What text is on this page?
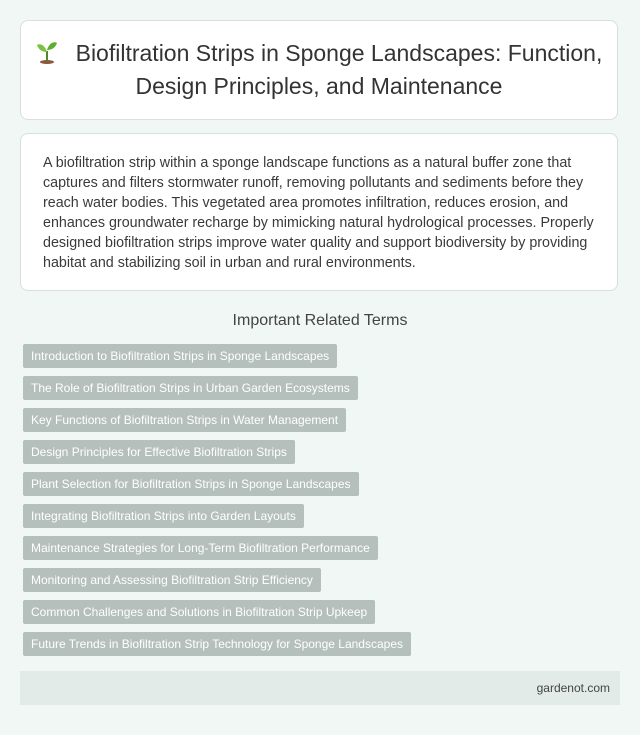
Biofiltration Strips in Sponge Landscapes: Function, Design Principles, and Maintenance

A biofiltration strip within a sponge landscape functions as a natural buffer zone that captures and filters stormwater runoff, removing pollutants and sediments before they reach water bodies. This vegetated area promotes infiltration, reduces erosion, and enhances groundwater recharge by mimicking natural hydrological processes. Properly designed biofiltration strips improve water quality and support biodiversity by providing habitat and stabilizing soil in urban and rural environments.

Important Related Terms
Introduction to Biofiltration Strips in Sponge Landscapes
The Role of Biofiltration Strips in Urban Garden Ecosystems
Key Functions of Biofiltration Strips in Water Management
Design Principles for Effective Biofiltration Strips
Plant Selection for Biofiltration Strips in Sponge Landscapes
Integrating Biofiltration Strips into Garden Layouts
Maintenance Strategies for Long-Term Biofiltration Performance
Monitoring and Assessing Biofiltration Strip Efficiency
Common Challenges and Solutions in Biofiltration Strip Upkeep
Future Trends in Biofiltration Strip Technology for Sponge Landscapes
gardenot.com
